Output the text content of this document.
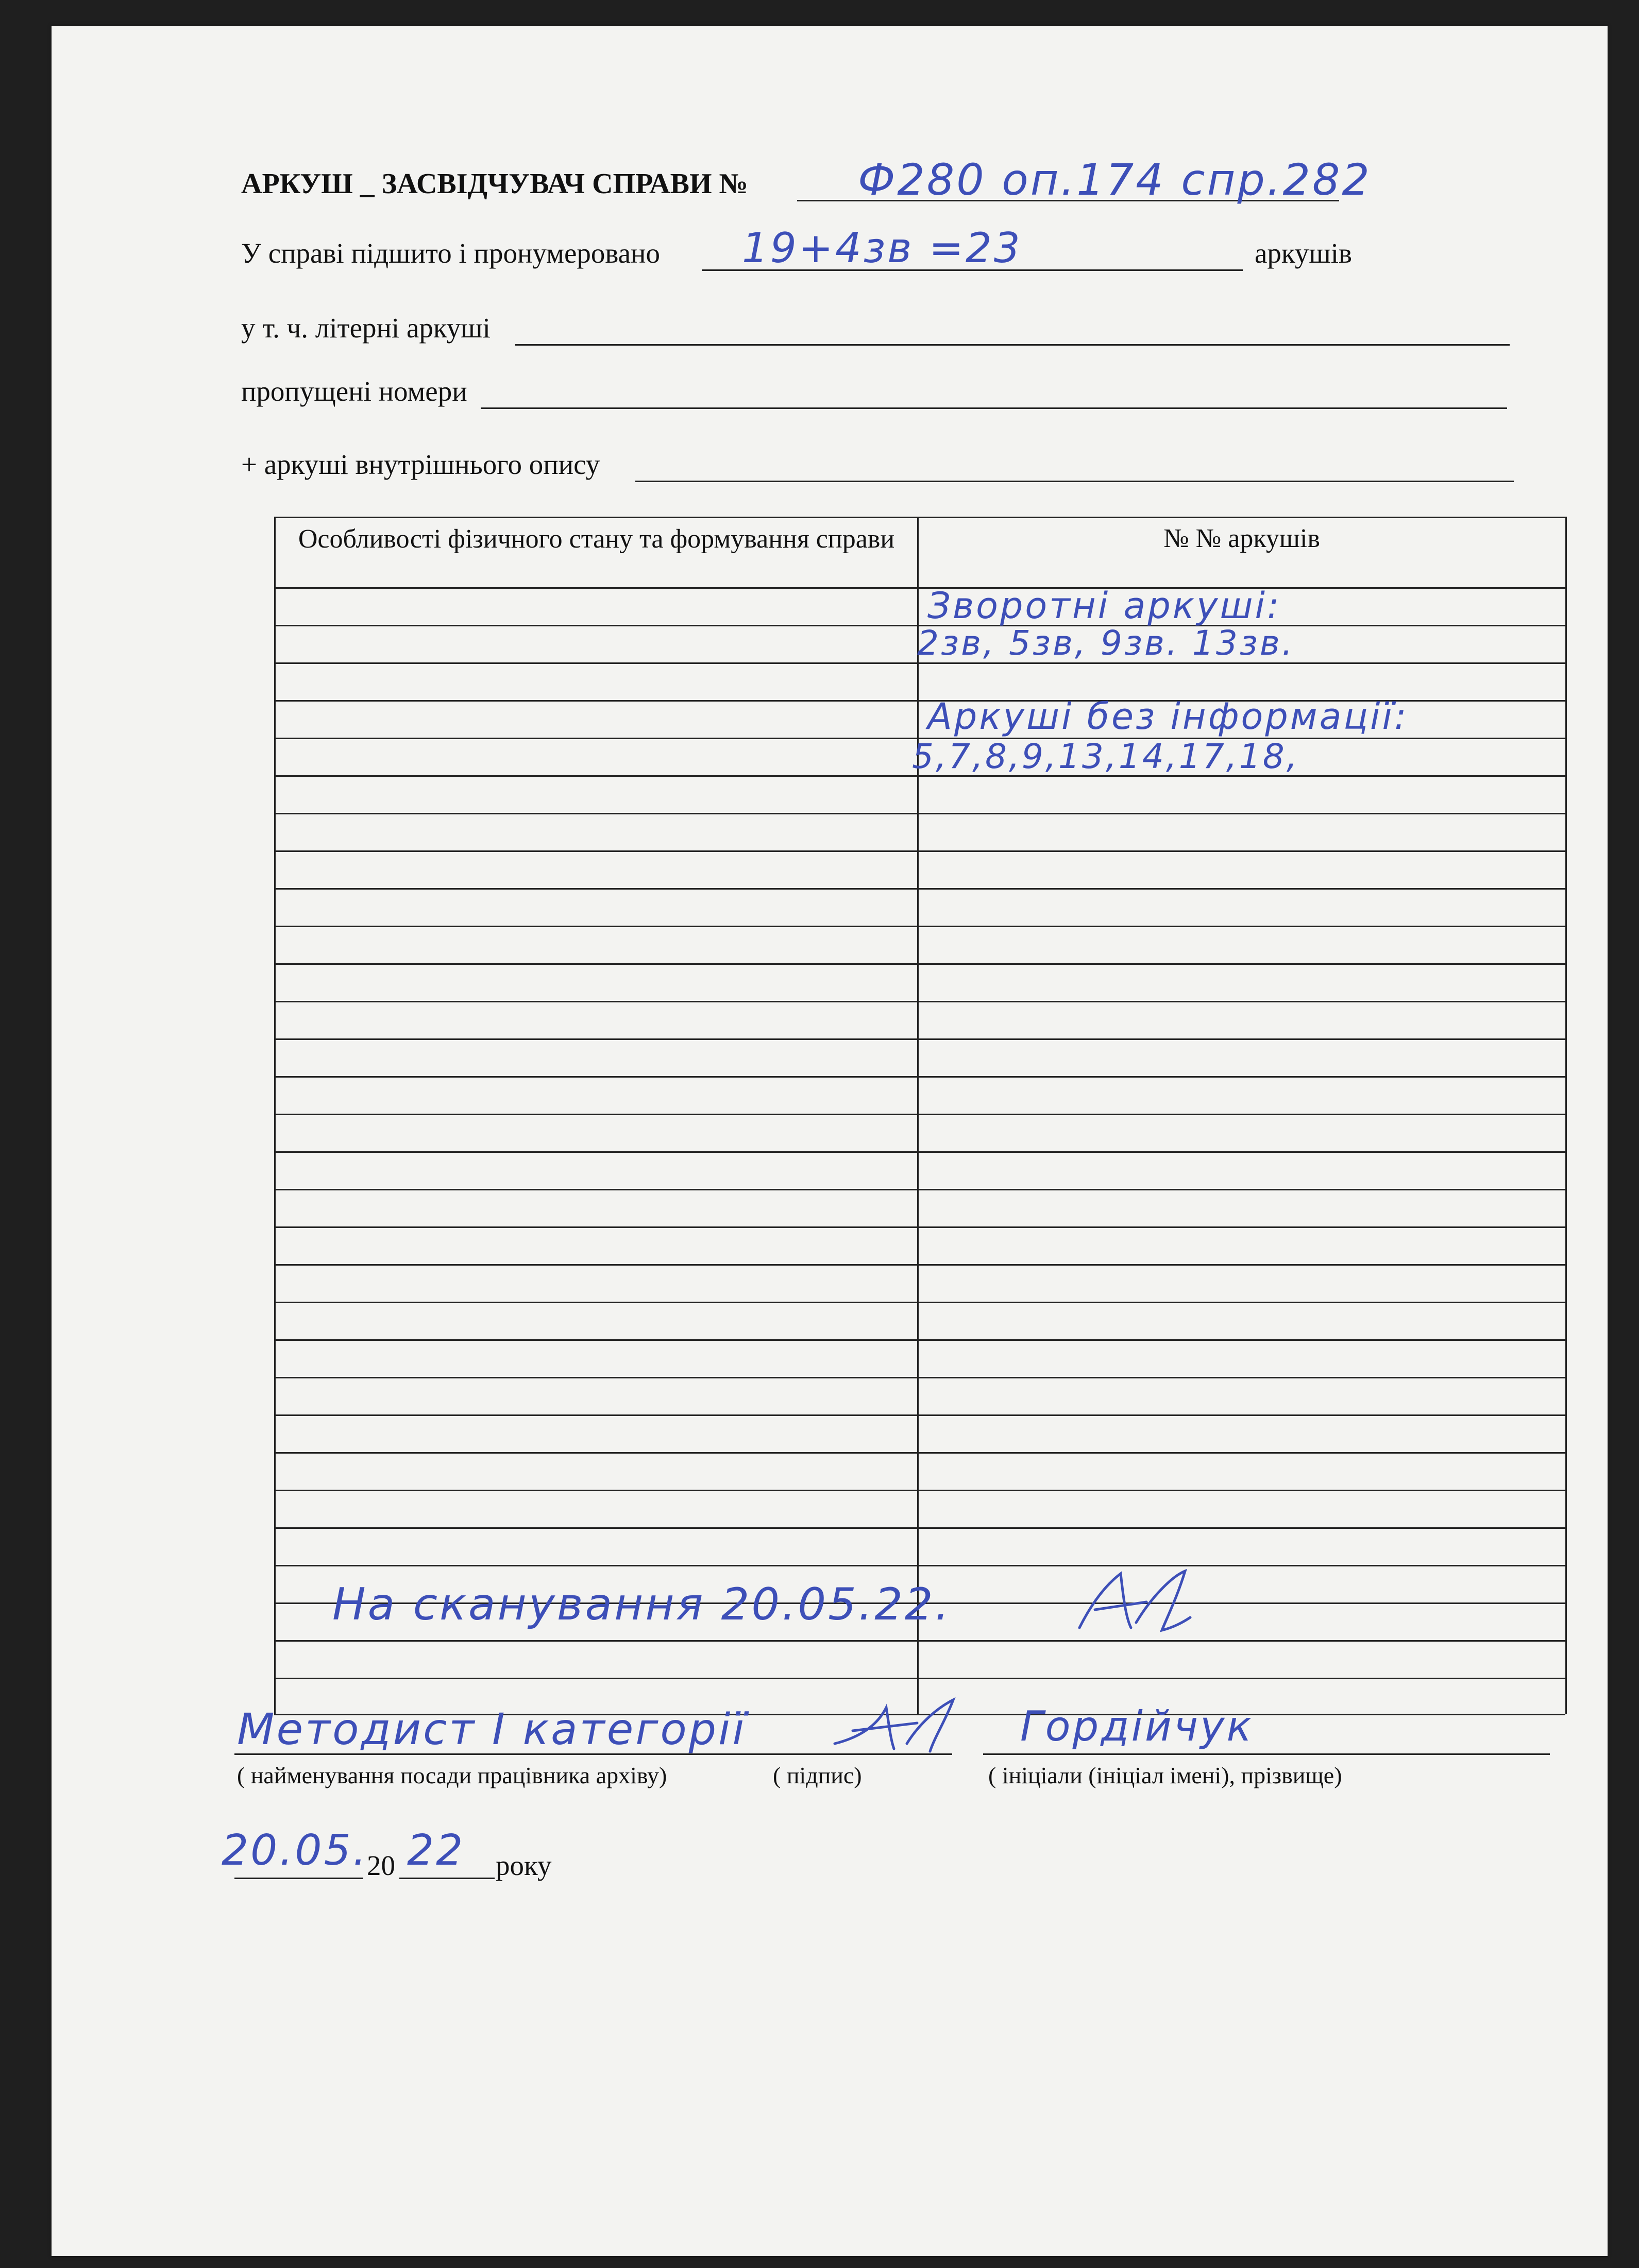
АРКУШ _ ЗАСВІДЧУВАЧ СПРАВИ №	Ф280 оп.174 спр.282
У справі підшито і пронумеровано 19+4зв =23	аркушів
у т. ч. літерні аркуші
пропущені номери
+ аркуші внутрішнього опису
Особливості фізичного стану та формування справи	№ № аркушів
Зворотні аркуші:
2зв, 5зв, 9зв. 13зв.
Аркуші без інформації:
5,7,8,9,13,14,17,18,
На сканування 20.05.22.
Методист І категорії
( найменування посади працівника архіву)	( підпис)
Гордійчук
( ініціали (ініціал імені), прізвище)
20.05.
20 22 року
